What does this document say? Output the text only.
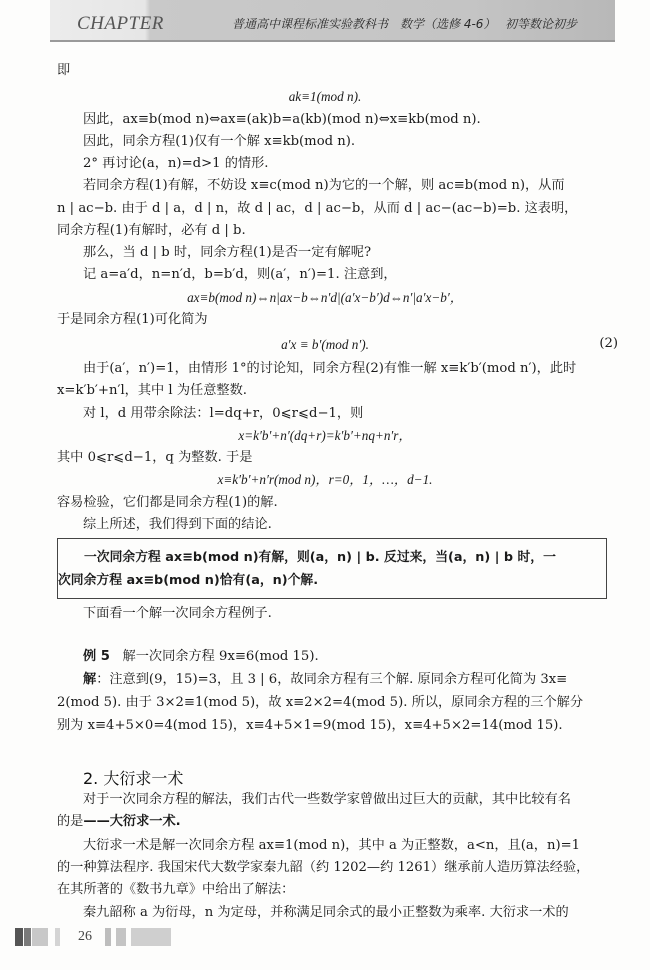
CHAPTER	普通高中课程标准实验教科书　数学（选修 4-6） 初等数论初步
即
ak≡1(mod n).
因此，ax≡b(mod n)⇔ax≡(ak)b=a(kb)(mod n)⇔x≡kb(mod n).
因此，同余方程(1)仅有一个解 x≡kb(mod n).
2° 再讨论(a，n)=d>1 的情形.
若同余方程(1)有解，不妨设 x≡c(mod n)为它的一个解，则 ac≡b(mod n)，从而
n | ac−b. 由于 d | a，d | n，故 d | ac，d | ac−b，从而 d | ac−(ac−b)=b. 这表明，
同余方程(1)有解时，必有 d | b.
那么，当 d | b 时，同余方程(1)是否一定有解呢?
记 a=a′d，n=n′d，b=b′d，则(a′，n′)=1. 注意到，
ax≡b(mod n)⇔n|ax−b⇔n′d|(a′x−b′)d⇔n′|a′x−b′，
于是同余方程(1)可化简为
a′x ≡ b′(mod n′).	(2)
由于(a′，n′)=1，由情形 1°的讨论知，同余方程(2)有惟一解 x≡k′b′(mod n′)，此时
x=k′b′+n′l，其中 l 为任意整数.
对 l，d 用带余除法：l=dq+r，0⩽r⩽d−1，则
x=k′b′+n′(dq+r)=k′b′+nq+n′r，
其中 0⩽r⩽d−1，q 为整数. 于是
x≡k′b′+n′r(mod n)，r=0，1，…，d−1.
容易检验，它们都是同余方程(1)的解.
综上所述，我们得到下面的结论.
一次同余方程 ax≡b(mod n)有解，则(a，n) | b. 反过来，当(a，n) | b 时，一
次同余方程 ax≡b(mod n)恰有(a，n)个解.
下面看一个解一次同余方程例子.
例 5 解一次同余方程 9x≡6(mod 15).
解：注意到(9，15)=3，且 3 | 6，故同余方程有三个解. 原同余方程可化简为 3x≡
2(mod 5). 由于 3×2≡1(mod 5)，故 x≡2×2=4(mod 5). 所以，原同余方程的三个解分
别为 x≡4+5×0=4(mod 15)，x≡4+5×1=9(mod 15)，x≡4+5×2=14(mod 15).
2. 大衍求一术
对于一次同余方程的解法，我们古代一些数学家曾做出过巨大的贡献，其中比较有名
的是——大衍求一术.
大衍求一术是解一次同余方程 ax≡1(mod n)，其中 a 为正整数，a<n，且(a，n)=1
的一种算法程序. 我国宋代大数学家秦九韶（约 1202—约 1261）继承前人造历算法经验，
在其所著的《数书九章》中给出了解法：
秦九韶称 a 为衍母，n 为定母，并称满足同余式的最小正整数为乘率. 大衍求一术的
26
